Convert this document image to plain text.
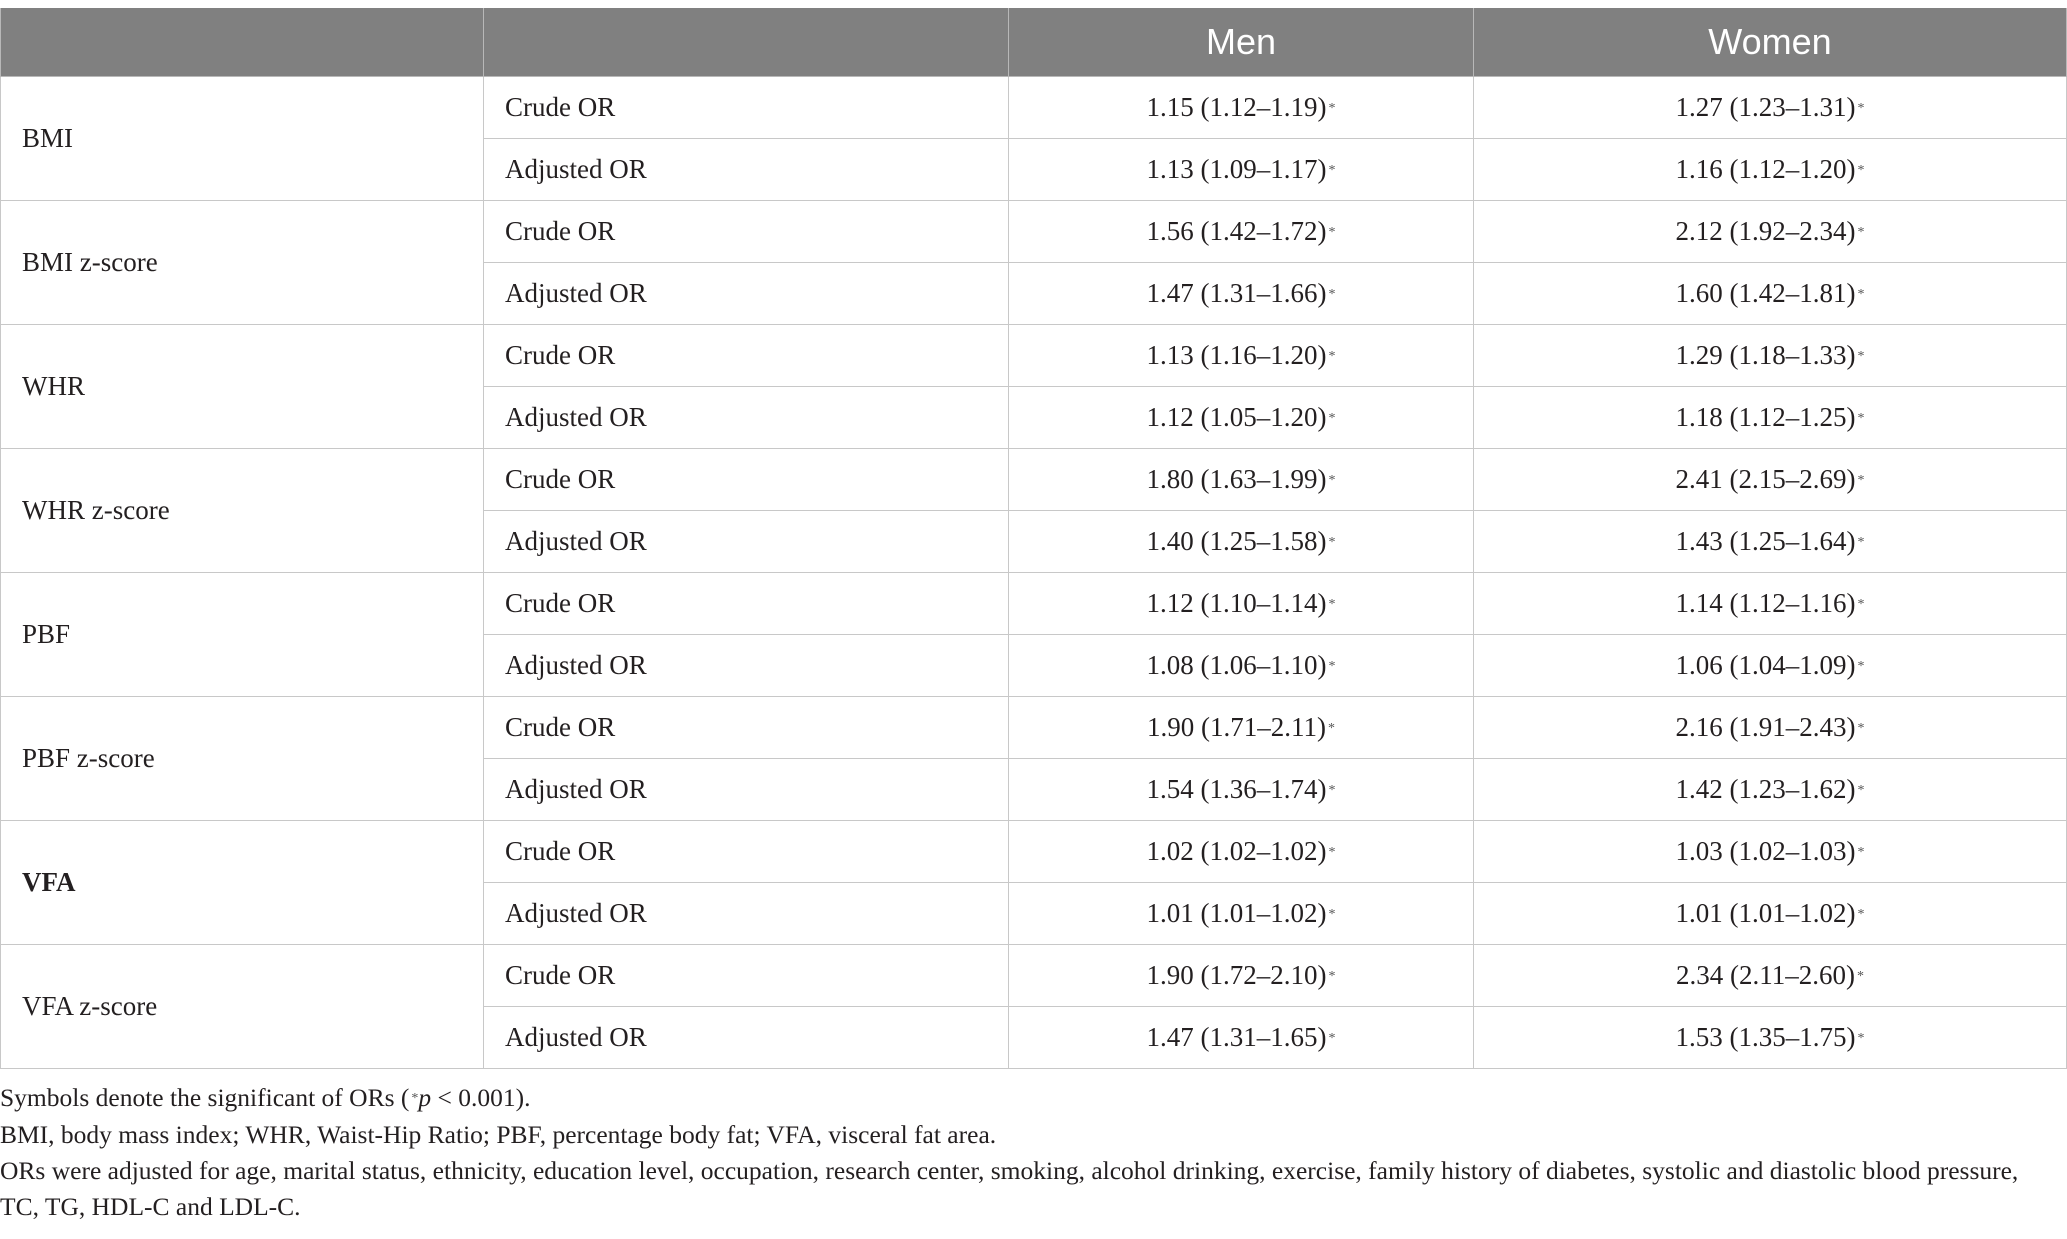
		Men	Women
BMI	Crude OR	1.15 (1.12–1.19) *	1.27 (1.23–1.31) *
	Adjusted OR	1.13 (1.09–1.17) *	1.16 (1.12–1.20) *
BMI z-score	Crude OR	1.56 (1.42–1.72) *	2.12 (1.92–2.34) *
	Adjusted OR	1.47 (1.31–1.66) *	1.60 (1.42–1.81) *
WHR	Crude OR	1.13 (1.16–1.20) *	1.29 (1.18–1.33) *
	Adjusted OR	1.12 (1.05–1.20) *	1.18 (1.12–1.25) *
WHR z-score	Crude OR	1.80 (1.63–1.99) *	2.41 (2.15–2.69) *
	Adjusted OR	1.40 (1.25–1.58) *	1.43 (1.25–1.64) *
PBF	Crude OR	1.12 (1.10–1.14) *	1.14 (1.12–1.16) *
	Adjusted OR	1.08 (1.06–1.10) *	1.06 (1.04–1.09) *
PBF z-score	Crude OR	1.90 (1.71–2.11) *	2.16 (1.91–2.43) *
	Adjusted OR	1.54 (1.36–1.74) *	1.42 (1.23–1.62) *
VFA	Crude OR	1.02 (1.02–1.02) *	1.03 (1.02–1.03) *
	Adjusted OR	1.01 (1.01–1.02) *	1.01 (1.01–1.02) *
VFA z-score	Crude OR	1.90 (1.72–2.10) *	2.34 (2.11–2.60) *
	Adjusted OR	1.47 (1.31–1.65) *	1.53 (1.35–1.75) *

Symbols denote the significant of ORs ( *p < 0.001).

BMI, body mass index; WHR, Waist-Hip Ratio; PBF, percentage body fat; VFA, visceral fat area.

ORs were adjusted for age, marital status, ethnicity, education level, occupation, research center, smoking, alcohol drinking, exercise, family history of diabetes, systolic and diastolic blood pressure, TC, TG, HDL-C and LDL-C.
